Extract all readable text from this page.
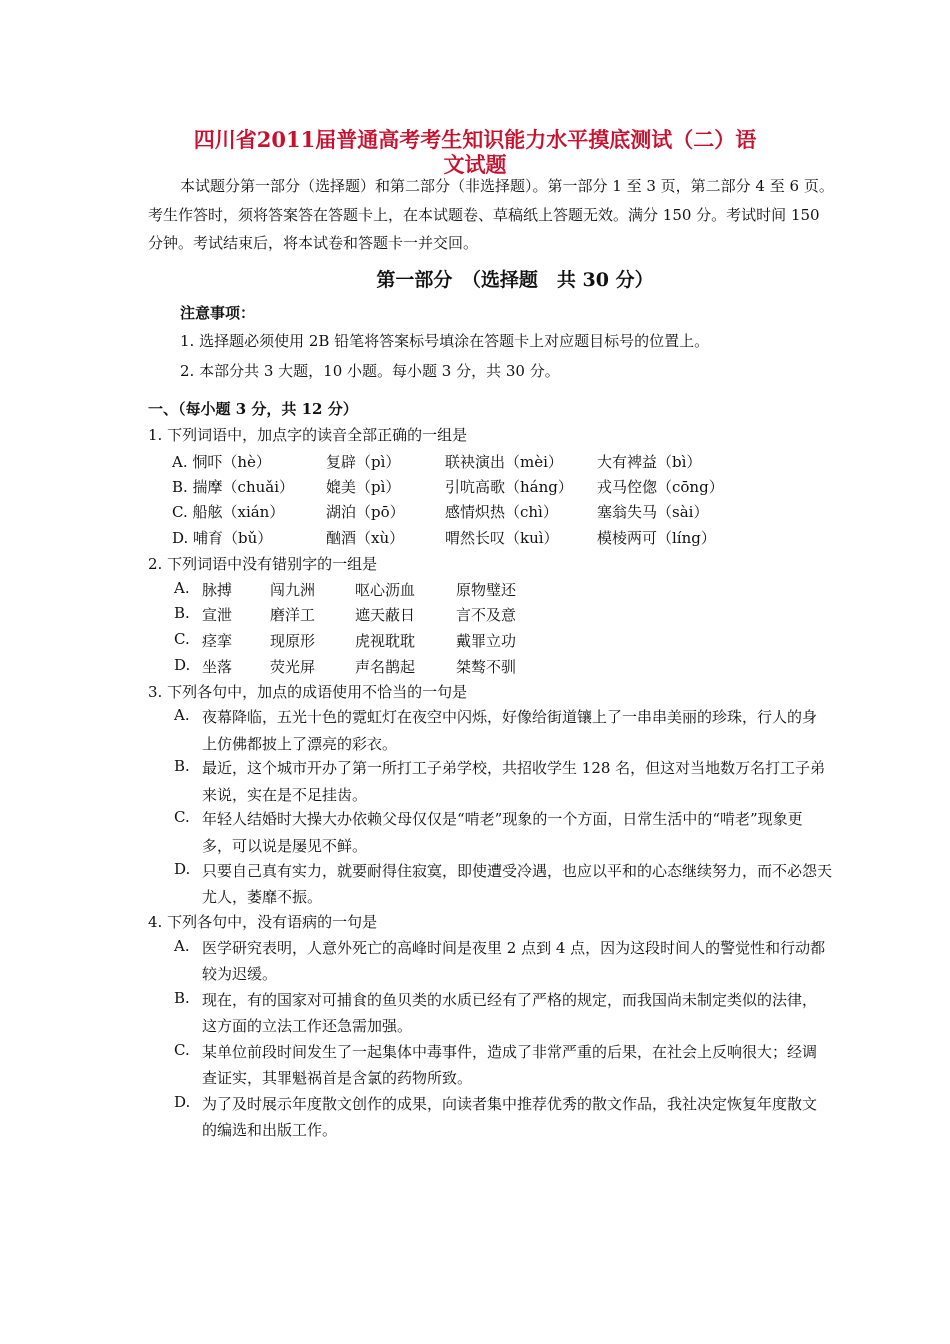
四川省2011届普通高考考生知识能力水平摸底测试（二）语
文试题
本试题分第一部分（选择题）和第二部分（非选择题）。第一部分 1 至 3 页，第二部分 4 至 6 页。
考生作答时，须将答案答在答题卡上，在本试题卷、草稿纸上答题无效。满分 150 分。考试时间 150
分钟。考试结束后，将本试卷和答题卡一并交回。
第一部分　（选择题　共 30 分）
注意事项：
1. 选择题必须使用 2B 铅笔将答案标号填涂在答题卡上对应题目标号的位置上。
2. 本部分共 3 大题，10 小题。每小题 3 分，共 30 分。
一、（每小题 3 分，共 12 分）
1. 下列词语中，加点字的读音全部正确的一组是
A. 恫吓（hè）	复辟（pì）	联袂演出（mèi） 大有裨益（bì）
B. 揣摩（chuǎi） 媲美（pì）	引吭高歌（háng） 戎马倥偬（cōng）
C. 船舷（xián）	湖泊（pō）	感情炽热（chì）	塞翁失马（sài）
D. 哺育（bǔ）	酗酒（xù）	喟然长叹（kuì）	模棱两可（líng）
2. 下列词语中没有错别字的一组是
A. 脉搏	闯九洲	呕心沥血	原物璧还
B. 宣泄	磨洋工	遮天蔽日	言不及意
C. 痉挛	现原形	虎视耽耽	戴罪立功
D. 坐落	荧光屏	声名鹊起	桀骜不驯
3. 下列各句中，加点的成语使用不恰当的一句是
A. 夜幕降临，五光十色的霓虹灯在夜空中闪烁，好像给街道镶上了一串串美丽的珍珠，行人的身
上仿佛都披上了漂亮的彩衣。
B. 最近，这个城市开办了第一所打工子弟学校，共招收学生 128 名，但这对当地数万名打工子弟
来说，实在是不足挂齿。
C. 年轻人结婚时大操大办依赖父母仅仅是“啃老”现象的一个方面，日常生活中的“啃老”现象更
多，可以说是屡见不鲜。
D. 只要自己真有实力，就要耐得住寂寞，即使遭受冷遇，也应以平和的心态继续努力，而不必怨天
尤人，萎靡不振。
4. 下列各句中，没有语病的一句是
A. 医学研究表明，人意外死亡的高峰时间是夜里 2 点到 4 点，因为这段时间人的警觉性和行动都
较为迟缓。
B. 现在，有的国家对可捕食的鱼贝类的水质已经有了严格的规定，而我国尚未制定类似的法律，
这方面的立法工作还急需加强。
C. 某单位前段时间发生了一起集体中毒事件，造成了非常严重的后果，在社会上反响很大；经调
查证实，其罪魁祸首是含氯的药物所致。
D. 为了及时展示年度散文创作的成果，向读者集中推荐优秀的散文作品，我社决定恢复年度散文
的编选和出版工作。
